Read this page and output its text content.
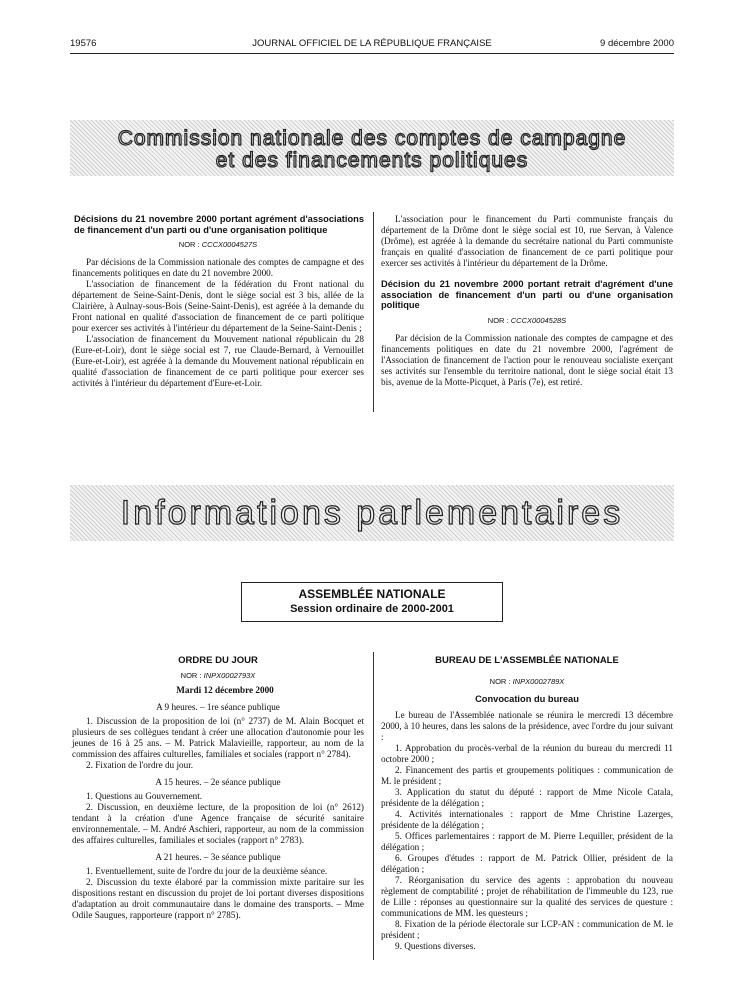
19576	JOURNAL OFFICIEL DE LA RÉPUBLIQUE FRANÇAISE	9 décembre 2000
Commission nationale des comptes de campagne
et des financements politiques
Décisions du 21 novembre 2000 portant agrément d'associations de financement d'un parti ou d'une organisation politique
NOR : CCCX0004527S

Par décisions de la Commission nationale des comptes de campagne et des financements politiques en date du 21 novembre 2000.

L'association de financement de la fédération du Front national du département de Seine-Saint-Denis, dont le siège social est 3 bis, allée de la Clairière, à Aulnay-sous-Bois (Seine-Saint-Denis), est agréée à la demande du Front national en qualité d'association de financement de ce parti politique pour exercer ses activités à l'intérieur du département de la Seine-Saint-Denis ;

L'association de financement du Mouvement national républicain du 28 (Eure-et-Loir), dont le siège social est 7, rue Claude-Bernard, à Vernouillet (Eure-et-Loir), est agréée à la demande du Mouvement national républicain en qualité d'association de financement de ce parti politique pour exercer ses activités à l'intérieur du département d'Eure-et-Loir.

L'association pour le financement du Parti communiste français du département de la Drôme dont le siège social est 10, rue Servan, à Valence (Drôme), est agréée à la demande du secrétaire national du Parti communiste français en qualité d'association de financement de ce parti politique pour exercer ses activités à l'intérieur du département de la Drôme.

Décision du 21 novembre 2000 portant retrait d'agrément d'une association de financement d'un parti ou d'une organisation politique
NOR : CCCX0004528S

Par décision de la Commission nationale des comptes de campagne et des financements politiques en date du 21 novembre 2000, l'agrément de l'Association de financement de l'action pour le renouveau socialiste exerçant ses activités sur l'ensemble du territoire national, dont le siège social était 13 bis, avenue de la Motte-Picquet, à Paris (7e), est retiré.

Informations parlementaires
ASSEMBLÉE NATIONALE
Session ordinaire de 2000-2001
ORDRE DU JOUR
NOR : INPX0002793X

Mardi 12 décembre 2000

A 9 heures. – 1re séance publique

1. Discussion de la proposition de loi (n° 2737) de M. Alain Bocquet et plusieurs de ses collègues tendant à créer une allocation d'autonomie pour les jeunes de 16 à 25 ans. – M. Patrick Malavieille, rapporteur, au nom de la commission des affaires culturelles, familiales et sociales (rapport n° 2784).

2. Fixation de l'ordre du jour.

A 15 heures. – 2e séance publique

1. Questions au Gouvernement.

2. Discussion, en deuxième lecture, de la proposition de loi (n° 2612) tendant à la création d'une Agence française de sécurité sanitaire environnementale. – M. André Aschieri, rapporteur, au nom de la commission des affaires culturelles, familiales et sociales (rapport n° 2783).

A 21 heures. – 3e séance publique

1. Eventuellement, suite de l'ordre du jour de la deuxième séance.

2. Discussion du texte élaboré par la commission mixte paritaire sur les dispositions restant en discussion du projet de loi portant diverses dispositions d'adaptation au droit communautaire dans le domaine des transports. – Mme Odile Saugues, rapporteure (rapport n° 2785).

BUREAU DE L'ASSEMBLÉE NATIONALE
NOR : INPX0002789X
Convocation du bureau

Le bureau de l'Assemblée nationale se réunira le mercredi 13 décembre 2000, à 10 heures, dans les salons de la présidence, avec l'ordre du jour suivant :

1. Approbation du procès-verbal de la réunion du bureau du mercredi 11 octobre 2000 ;

2. Financement des partis et groupements politiques : communication de M. le président ;

3. Application du statut du député : rapport de Mme Nicole Catala, présidente de la délégation ;

4. Activités internationales : rapport de Mme Christine Lazerges, présidente de la délégation ;

5. Offices parlementaires : rapport de M. Pierre Lequiller, président de la délégation ;

6. Groupes d'études : rapport de M. Patrick Ollier, président de la délégation ;

7. Réorganisation du service des agents : approbation du nouveau règlement de comptabilité ; projet de réhabilitation de l'immeuble du 123, rue de Lille : réponses au questionnaire sur la qualité des services de questure : communications de MM. les questeurs ;

8. Fixation de la période électorale sur LCP-AN : communication de M. le président ;

9. Questions diverses.
